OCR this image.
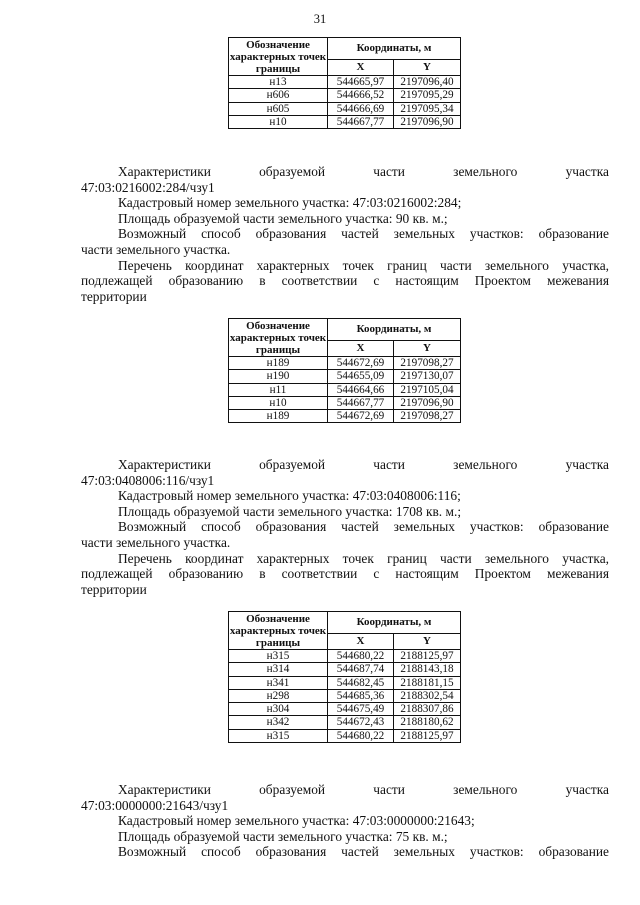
31
Обозначение характерных точек границы	Координаты, м	
	X	Y
н13	544665,97	2197096,40
н606	544666,52	2197095,29
н605	544666,69	2197095,34
н10	544667,77	2197096,90
Характеристики	образуемой	части	земельного	участка
47:03:0216002:284/чзу1
Кадастровый номер земельного участка: 47:03:0216002:284;
Площадь образуемой части земельного участка: 90 кв. м.;
Возможный способ образования частей земельных участков: образование
части земельного участка.
Перечень координат характерных точек границ части земельного участка,
подлежащей образованию в соответствии с настоящим Проектом межевания
территории
Обозначение характерных точек границы	Координаты, м	
	X	Y
н189	544672,69	2197098,27
н190	544655,09	2197130,07
н11	544664,66	2197105,04
н10	544667,77	2197096,90
н189	544672,69	2197098,27
Характеристики	образуемой	части	земельного	участка
47:03:0408006:116/чзу1
Кадастровый номер земельного участка: 47:03:0408006:116;
Площадь образуемой части земельного участка: 1708 кв. м.;
Возможный способ образования частей земельных участков: образование
части земельного участка.
Перечень координат характерных точек границ части земельного участка,
подлежащей образованию в соответствии с настоящим Проектом межевания
территории
Обозначение характерных точек границы	Координаты, м	
	X	Y
н315	544680,22	2188125,97
н314	544687,74	2188143,18
н341	544682,45	2188181,15
н298	544685,36	2188302,54
н304	544675,49	2188307,86
н342	544672,43	2188180,62
н315	544680,22	2188125,97
Характеристики	образуемой	части	земельного	участка
47:03:0000000:21643/чзу1
Кадастровый номер земельного участка: 47:03:0000000:21643;
Площадь образуемой части земельного участка: 75 кв. м.;
Возможный способ образования частей земельных участков: образование
